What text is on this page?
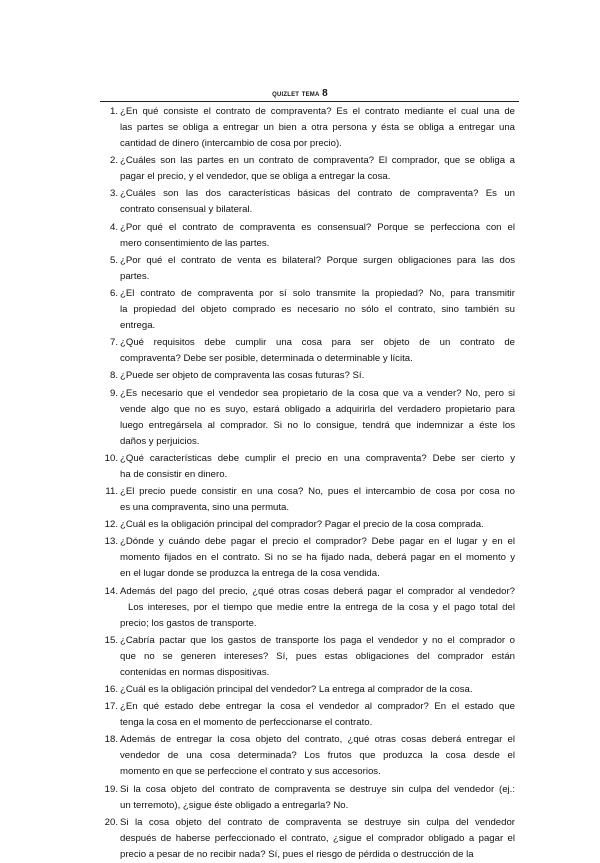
quizlet tema 8
1. ¿En qué consiste el contrato de compraventa? Es el contrato mediante el cual una de
las partes se obliga a entregar un bien a otra persona y ésta se obliga a entregar una
cantidad de dinero (intercambio de cosa por precio).
2. ¿Cuáles son las partes en un contrato de compraventa? El comprador, que se obliga a
pagar el precio, y el vendedor, que se obliga a entregar la cosa.
3. ¿Cuáles son las dos características básicas del contrato de compraventa? Es un
contrato consensual y bilateral.
4. ¿Por qué el contrato de compraventa es consensual? Porque se perfecciona con el
mero consentimiento de las partes.
5. ¿Por qué el contrato de venta es bilateral? Porque surgen obligaciones para las dos
partes.
6. ¿El contrato de compraventa por sí solo transmite la propiedad? No, para transmitir
la propiedad del objeto comprado es necesario no sólo el contrato, sino también su
entrega.
7. ¿Qué requisitos debe cumplir una cosa para ser objeto de un contrato de
compraventa? Debe ser posible, determinada o determinable y lícita.
8. ¿Puede ser objeto de compraventa las cosas futuras? Sí.
9. ¿Es necesario que el vendedor sea propietario de la cosa que va a vender? No, pero si
vende algo que no es suyo, estará obligado a adquirirla del verdadero propietario para
luego entregársela al comprador. Si no lo consigue, tendrá que indemnizar a éste los
daños y perjuicios.
10. ¿Qué características debe cumplir el precio en una compraventa? Debe ser cierto y
ha de consistir en dinero.
11. ¿El precio puede consistir en una cosa? No, pues el intercambio de cosa por cosa no
es una compraventa, sino una permuta.
12. ¿Cuál es la obligación principal del comprador? Pagar el precio de la cosa comprada.
13. ¿Dónde y cuándo debe pagar el precio el comprador? Debe pagar en el lugar y en el
momento fijados en el contrato. Si no se ha fijado nada, deberá pagar en el momento y
en el lugar donde se produzca la entrega de la cosa vendida.
14. Además del pago del precio, ¿qué otras cosas deberá pagar el comprador al vendedor?
Los intereses, por el tiempo que medie entre la entrega de la cosa y el pago total del
precio; los gastos de transporte.
15. ¿Cabría pactar que los gastos de transporte los paga el vendedor y no el comprador o
que no se generen intereses? Sí, pues estas obligaciones del comprador están
contenidas en normas dispositivas.
16. ¿Cuál es la obligación principal del vendedor? La entrega al comprador de la cosa.
17. ¿En qué estado debe entregar la cosa el vendedor al comprador? En el estado que
tenga la cosa en el momento de perfeccionarse el contrato.
18. Además de entregar la cosa objeto del contrato, ¿qué otras cosas deberá entregar el
vendedor de una cosa determinada? Los frutos que produzca la cosa desde el
momento en que se perfeccione el contrato y sus accesorios.
19. Si la cosa objeto del contrato de compraventa se destruye sin culpa del vendedor (ej.:
un terremoto), ¿sigue éste obligado a entregarla? No.
20. Si la cosa objeto del contrato de compraventa se destruye sin culpa del vendedor
después de haberse perfeccionado el contrato, ¿sigue el comprador obligado a pagar el
precio a pesar de no recibir nada? Sí, pues el riesgo de pérdida o destrucción de la
